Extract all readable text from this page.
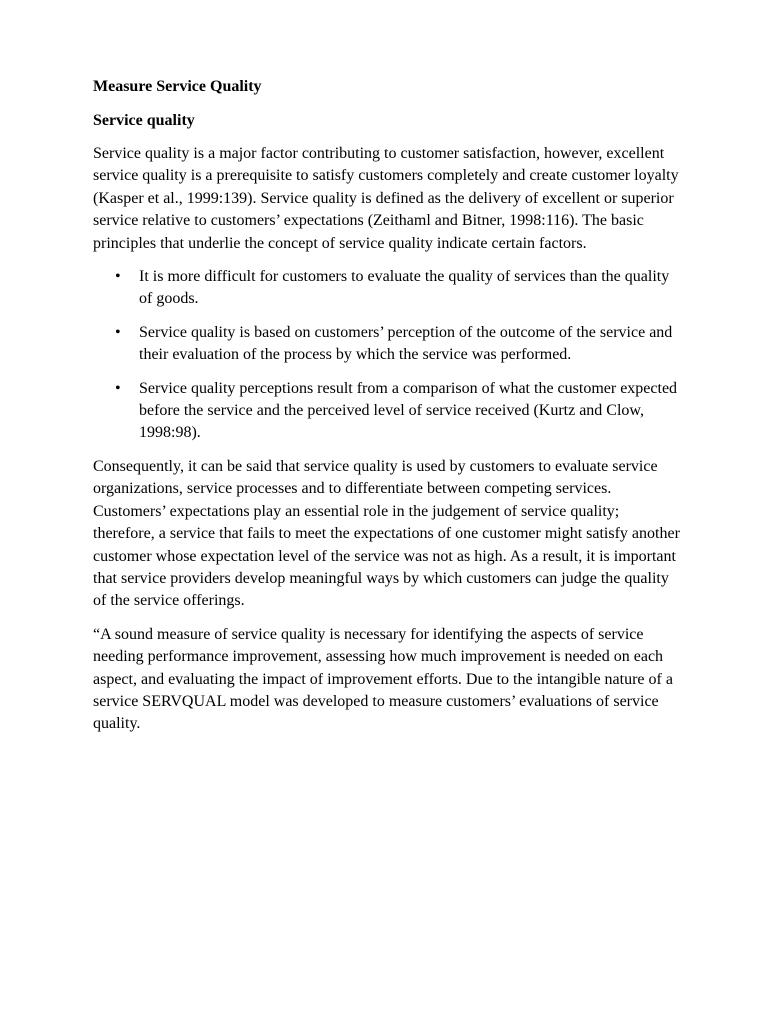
Measure Service Quality
Service quality

Service quality is a major factor contributing to customer satisfaction, however, excellent service quality is a prerequisite to satisfy customers completely and create customer loyalty (Kasper et al., 1999:139). Service quality is defined as the delivery of excellent or superior service relative to customers’ expectations (Zeithaml and Bitner, 1998:116). The basic principles that underlie the concept of service quality indicate certain factors.

• It is more difficult for customers to evaluate the quality of services than the quality of goods.
• Service quality is based on customers’ perception of the outcome of the service and their evaluation of the process by which the service was performed.
• Service quality perceptions result from a comparison of what the customer expected before the service and the perceived level of service received (Kurtz and Clow, 1998:98).

Consequently, it can be said that service quality is used by customers to evaluate service organizations, service processes and to differentiate between competing services. Customers’ expectations play an essential role in the judgement of service quality; therefore, a service that fails to meet the expectations of one customer might satisfy another customer whose expectation level of the service was not as high. As a result, it is important that service providers develop meaningful ways by which customers can judge the quality of the service offerings.

“A sound measure of service quality is necessary for identifying the aspects of service needing performance improvement, assessing how much improvement is needed on each aspect, and evaluating the impact of improvement efforts. Due to the intangible nature of a service SERVQUAL model was developed to measure customers’ evaluations of service quality.
